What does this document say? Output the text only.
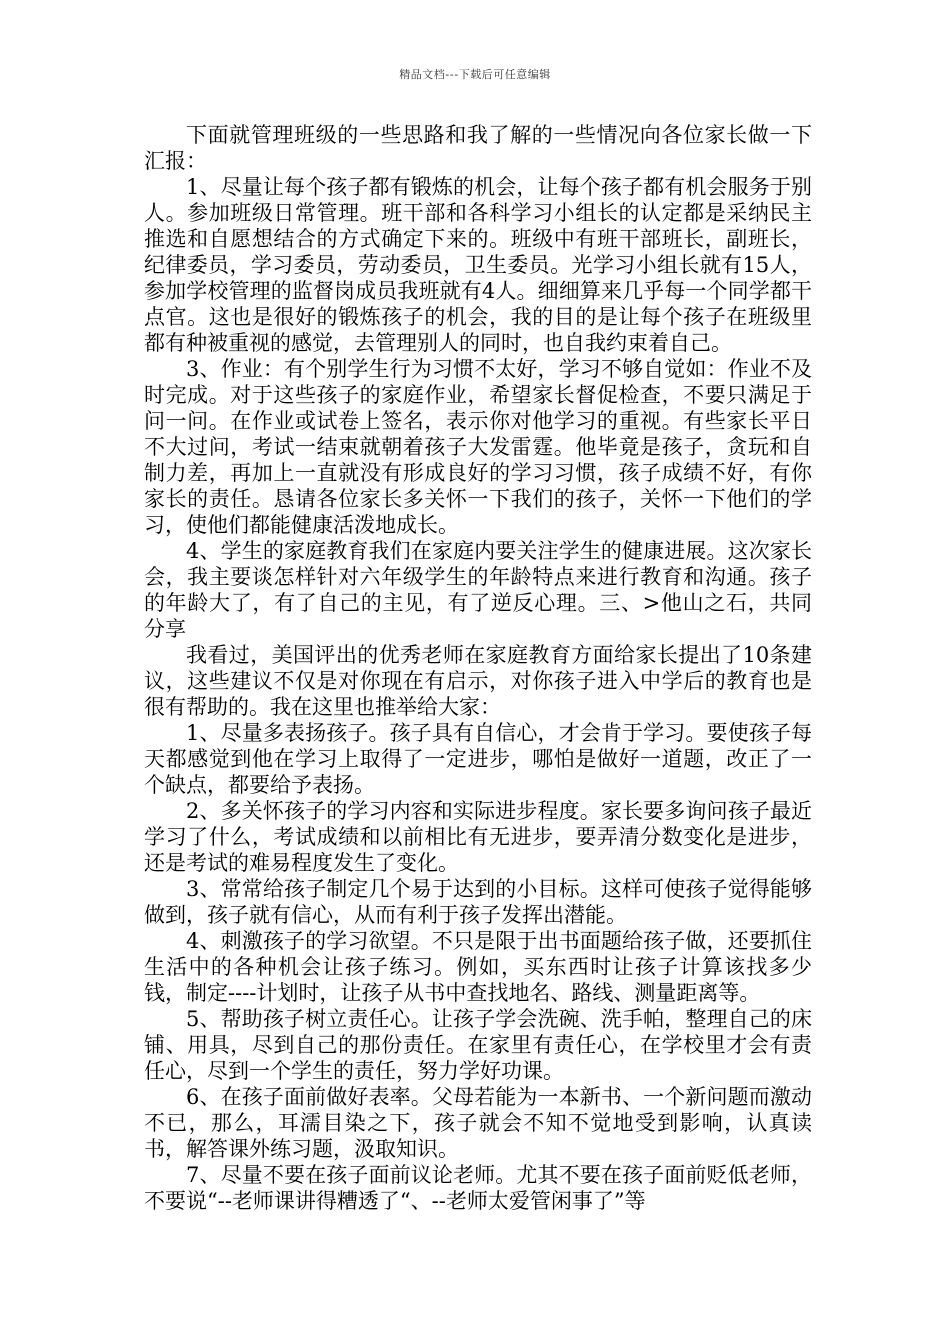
精品文档---下载后可任意编辑

下面就管理班级的一些思路和我了解的一些情况向各位家长做一下汇报：

1、尽量让每个孩子都有锻炼的机会，让每个孩子都有机会服务于别人。参加班级日常管理。班干部和各科学习小组长的认定都是采纳民主推选和自愿想结合的方式确定下来的。班级中有班干部班长，副班长，纪律委员，学习委员，劳动委员，卫生委员。光学习小组长就有15人，参加学校管理的监督岗成员我班就有4人。细细算来几乎每一个同学都干点官。这也是很好的锻炼孩子的机会，我的目的是让每个孩子在班级里都有种被重视的感觉，去管理别人的同时，也自我约束着自己。

3、作业：有个别学生行为习惯不太好，学习不够自觉如：作业不及时完成。对于这些孩子的家庭作业，希望家长督促检查，不要只满足于问一问。在作业或试卷上签名，表示你对他学习的重视。有些家长平日不大过问，考试一结束就朝着孩子大发雷霆。他毕竟是孩子，贪玩和自制力差，再加上一直就没有形成良好的学习习惯，孩子成绩不好，有你家长的责任。恳请各位家长多关怀一下我们的孩子，关怀一下他们的学习，使他们都能健康活泼地成长。

4、学生的家庭教育我们在家庭内要关注学生的健康进展。这次家长会，我主要谈怎样针对六年级学生的年龄特点来进行教育和沟通。孩子的年龄大了，有了自己的主见，有了逆反心理。三、>他山之石，共同分享

我看过，美国评出的优秀老师在家庭教育方面给家长提出了10条建议，这些建议不仅是对你现在有启示，对你孩子进入中学后的教育也是很有帮助的。我在这里也推举给大家：

1、尽量多表扬孩子。孩子具有自信心，才会肯于学习。要使孩子每天都感觉到他在学习上取得了一定进步，哪怕是做好一道题，改正了一个缺点，都要给予表扬。

2、多关怀孩子的学习内容和实际进步程度。家长要多询问孩子最近学习了什么，考试成绩和以前相比有无进步，要弄清分数变化是进步，还是考试的难易程度发生了变化。

3、常常给孩子制定几个易于达到的小目标。这样可使孩子觉得能够做到，孩子就有信心，从而有利于孩子发挥出潜能。

4、刺激孩子的学习欲望。不只是限于出书面题给孩子做，还要抓住生活中的各种机会让孩子练习。例如，买东西时让孩子计算该找多少钱，制定----计划时，让孩子从书中查找地名、路线、测量距离等。

5、帮助孩子树立责任心。让孩子学会洗碗、洗手帕，整理自己的床铺、用具，尽到自己的那份责任。在家里有责任心，在学校里才会有责任心，尽到一个学生的责任，努力学好功课。

6、在孩子面前做好表率。父母若能为一本新书、一个新问题而激动不已，那么，耳濡目染之下，孩子就会不知不觉地受到影响，认真读书，解答课外练习题，汲取知识。

7、尽量不要在孩子面前议论老师。尤其不要在孩子面前贬低老师，不要说“--老师课讲得糟透了“、--老师太爱管闲事了”等
